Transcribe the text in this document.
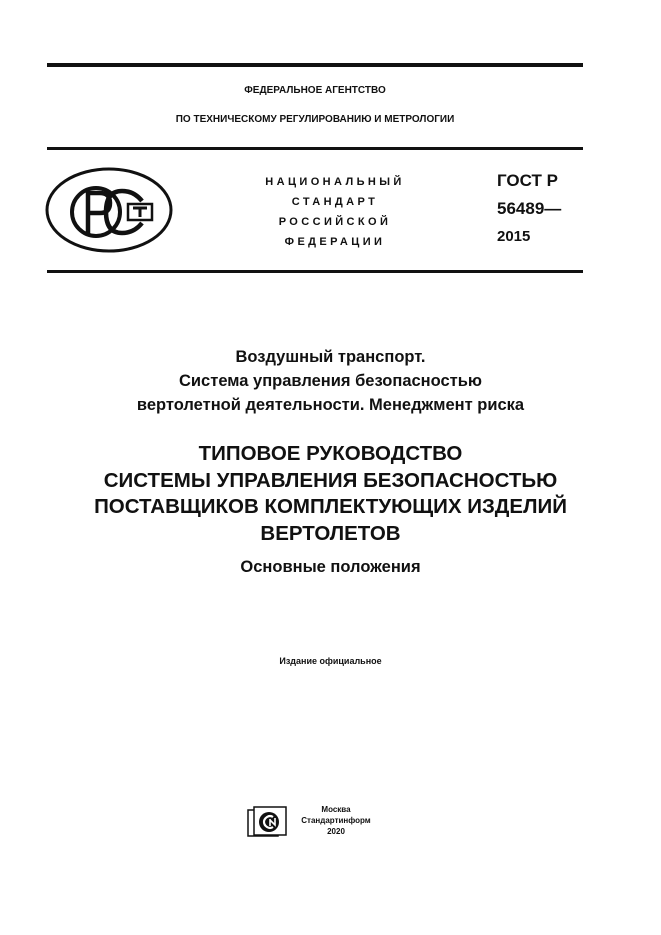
ФЕДЕРАЛЬНОЕ АГЕНТСТВО
ПО ТЕХНИЧЕСКОМУ РЕГУЛИРОВАНИЮ И МЕТРОЛОГИИ
НАЦИОНАЛЬНЫЙ
СТАНДАРТ
РОССИЙСКОЙ
ФЕДЕРАЦИИ
ГОСТ Р
56489—
2015
Воздушный транспорт.
Система управления безопасностью
вертолетной деятельности. Менеджмент риска
ТИПОВОЕ РУКОВОДСТВО
СИСТЕМЫ УПРАВЛЕНИЯ БЕЗОПАСНОСТЬЮ
ПОСТАВЩИКОВ КОМПЛЕКТУЮЩИХ ИЗДЕЛИЙ
ВЕРТОЛЕТОВ
Основные положения
Издание официальное
Москва
Стандартинформ
2020
